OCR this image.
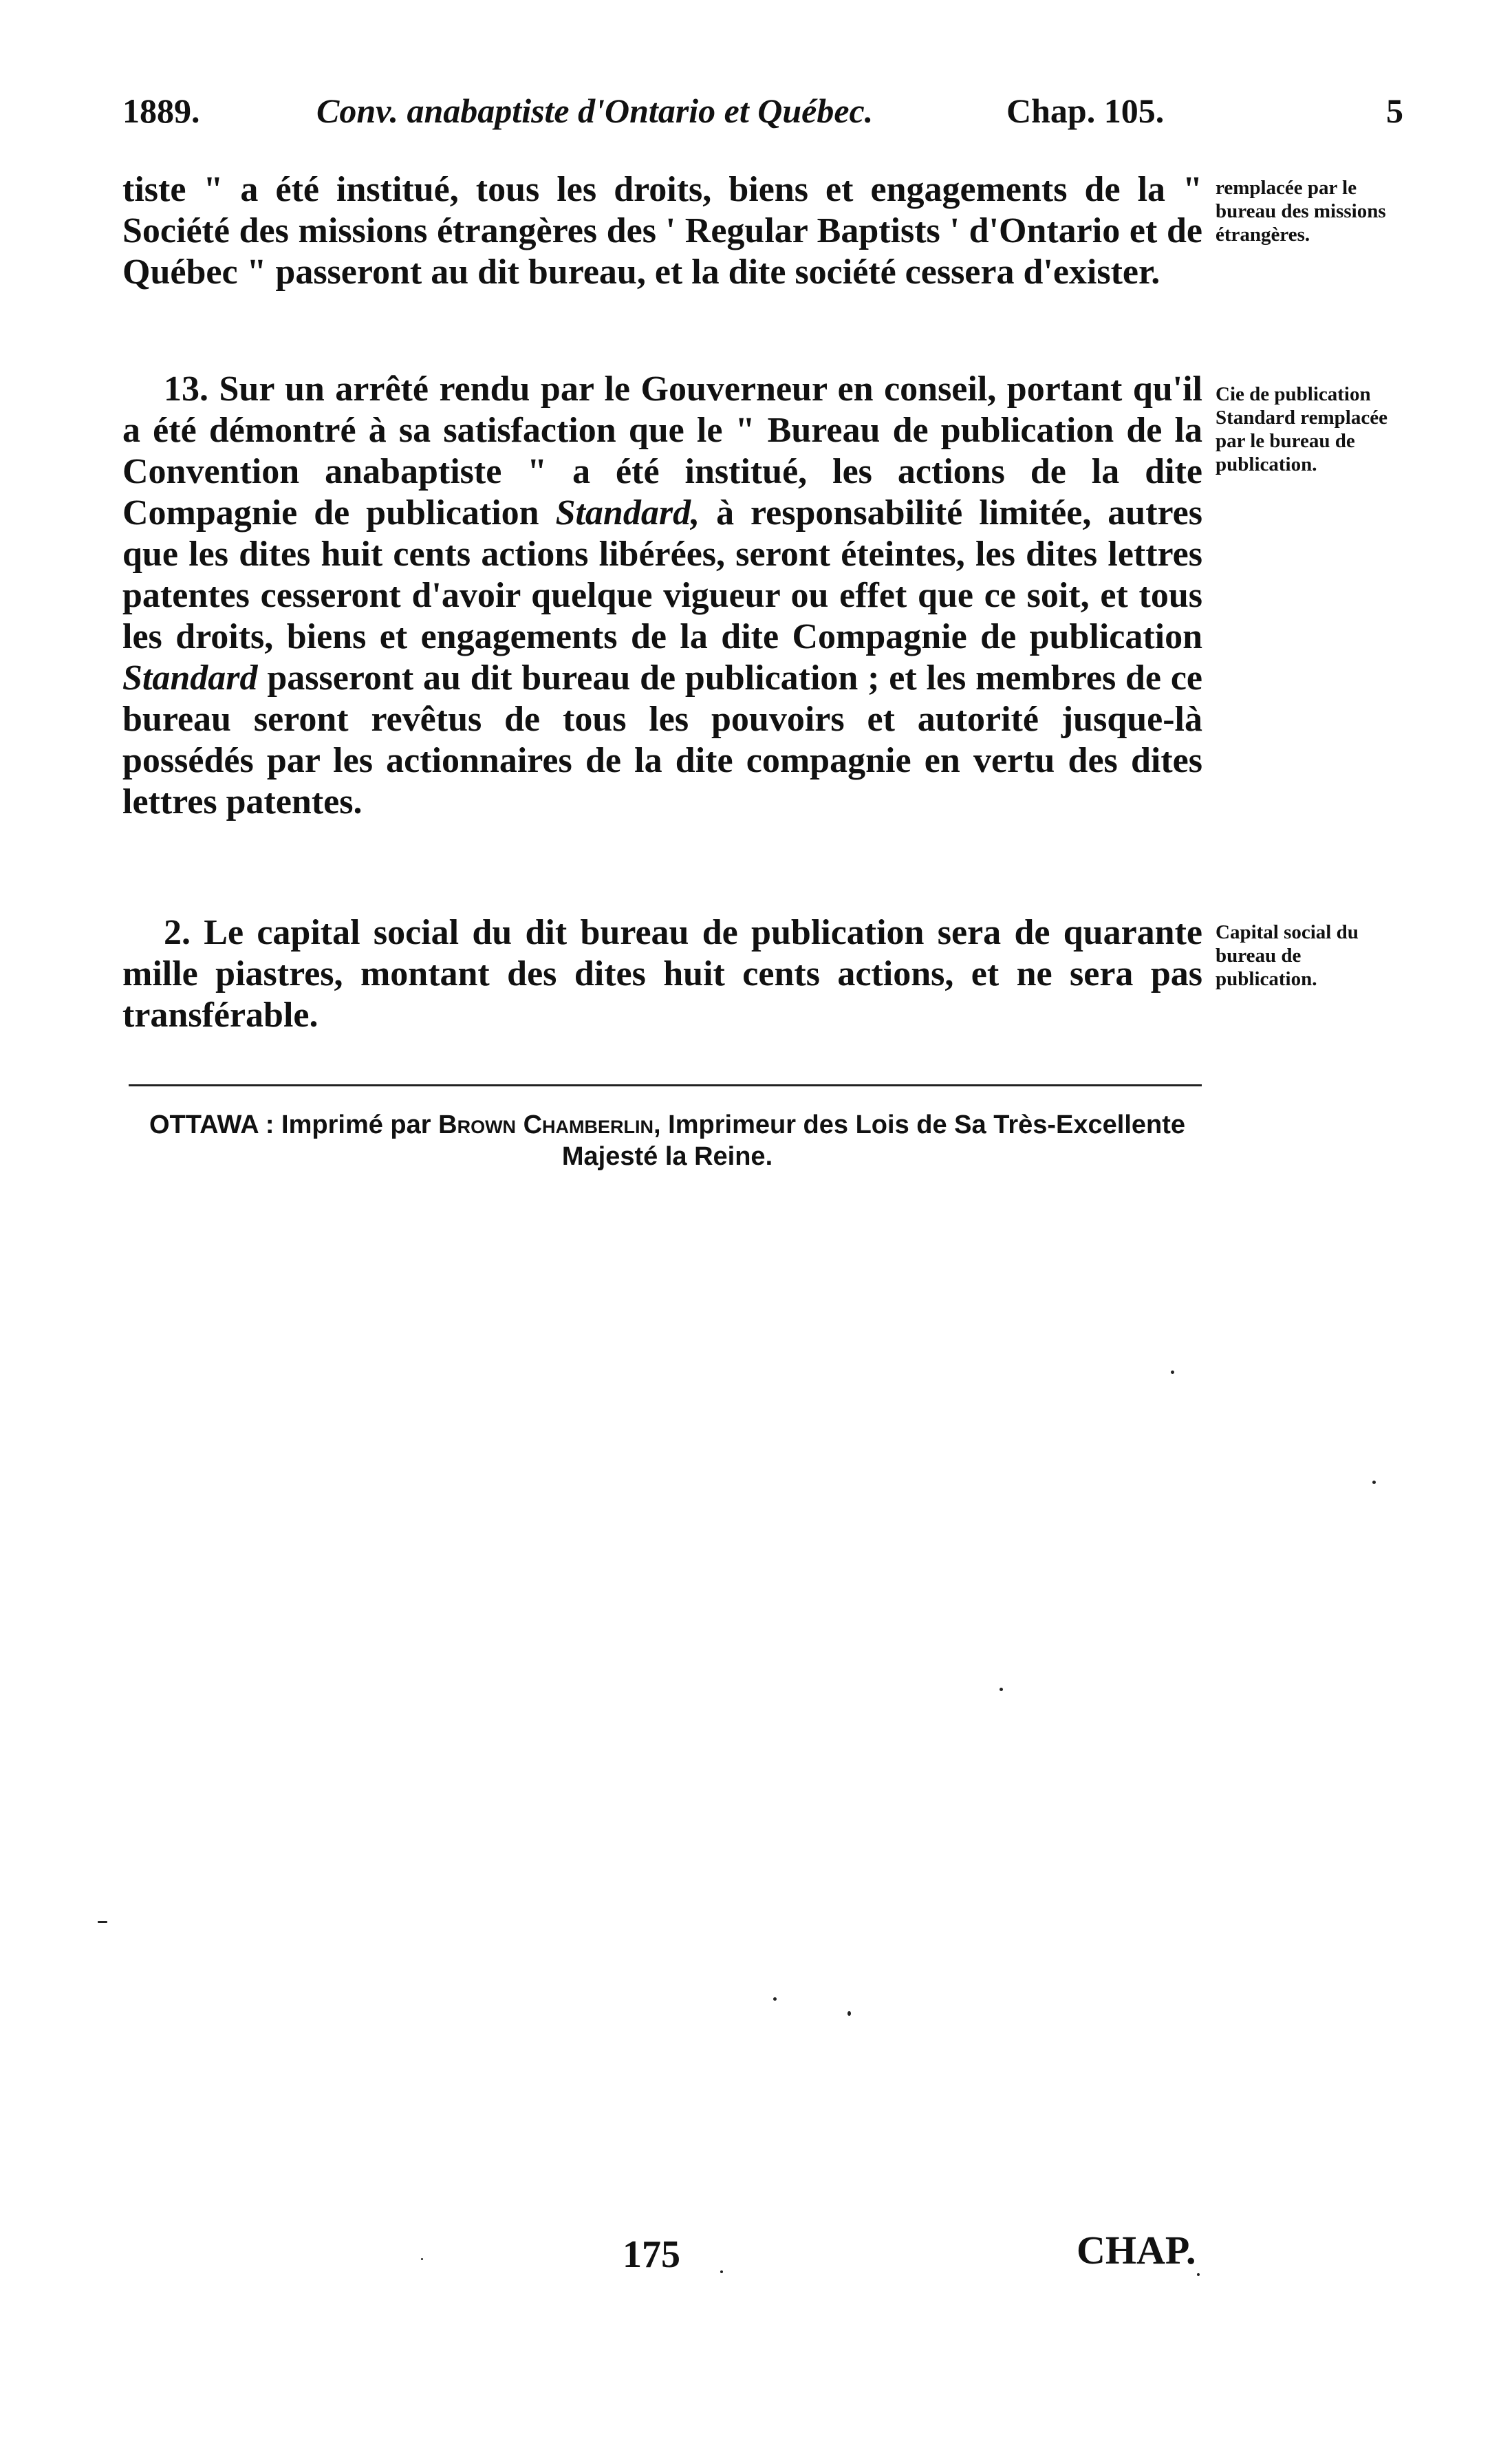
1889.	Conv. anabaptiste d'Ontario et Québec.	Chap. 105.	5

tiste " a été institué, tous les droits, biens et engagements de la " Société des missions étrangères des ' Regular Baptists ' d'Ontario et de Québec " passeront au dit bureau, et la dite société cessera d'exister.

13. Sur un arrêté rendu par le Gouverneur en conseil, portant qu'il a été démontré à sa satisfaction que le " Bureau de publication de la Convention anabaptiste " a été institué, les actions de la dite Compagnie de publication Standard, à responsabilité limitée, autres que les dites huit cents actions libérées, seront éteintes, les dites lettres patentes cesseront d'avoir quelque vigueur ou effet que ce soit, et tous les droits, biens et engagements de la dite Compagnie de publication Standard passeront au dit bureau de publication ; et les membres de ce bureau seront revêtus de tous les pouvoirs et autorité jusque-là possédés par les actionnaires de la dite compagnie en vertu des dites lettres patentes.

2. Le capital social du dit bureau de publication sera de quarante mille piastres, montant des dites huit cents actions, et ne sera pas transférable.

remplacée par le bureau des missions étrangères.
Cie de publication Standard remplacée par le bureau de publication.
Capital social du bureau de publication.
OTTAWA : Imprimé par Brown Chamberlin, Imprimeur des Lois de Sa Très-Excellente Majesté la Reine.
175	CHAP.
